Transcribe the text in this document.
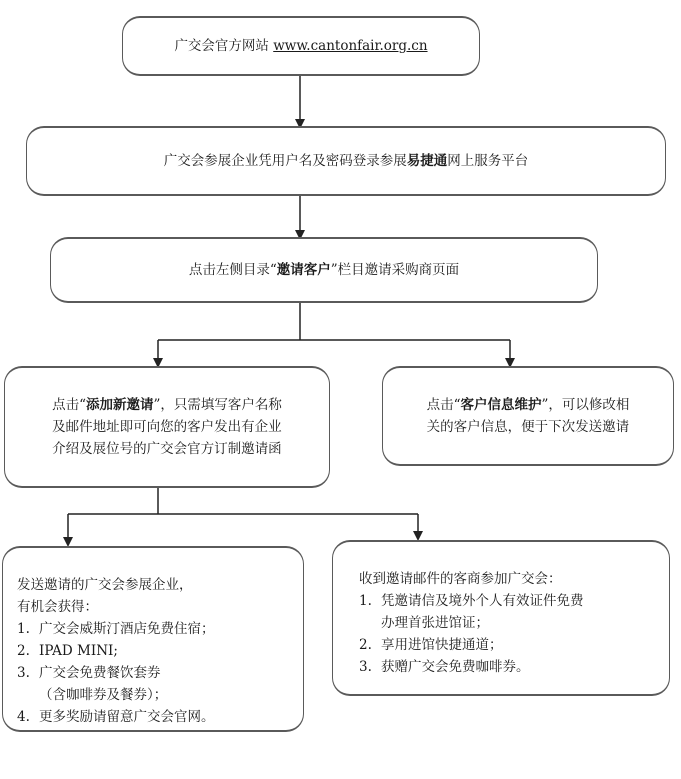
广交会官方网站 www.cantonfair.org.cn
广交会参展企业凭用户名及密码登录参展易捷通网上服务平台
点击左侧目录“邀请客户”栏目邀请采购商页面
点击“添加新邀请”，只需填写客户名称
及邮件地址即可向您的客户发出有企业
介绍及展位号的广交会官方订制邀请函
点击“客户信息维护”，可以修改相
关的客户信息，便于下次发送邀请
发送邀请的广交会参展企业，
有机会获得：
1. 广交会威斯汀酒店免费住宿；
2. IPAD MINI;
3. 广交会免费餐饮套券
（含咖啡券及餐券）；
4. 更多奖励请留意广交会官网。
收到邀请邮件的客商参加广交会：
1. 凭邀请信及境外个人有效证件免费
办理首张进馆证；
2. 享用进馆快捷通道；
3. 获赠广交会免费咖啡券。
